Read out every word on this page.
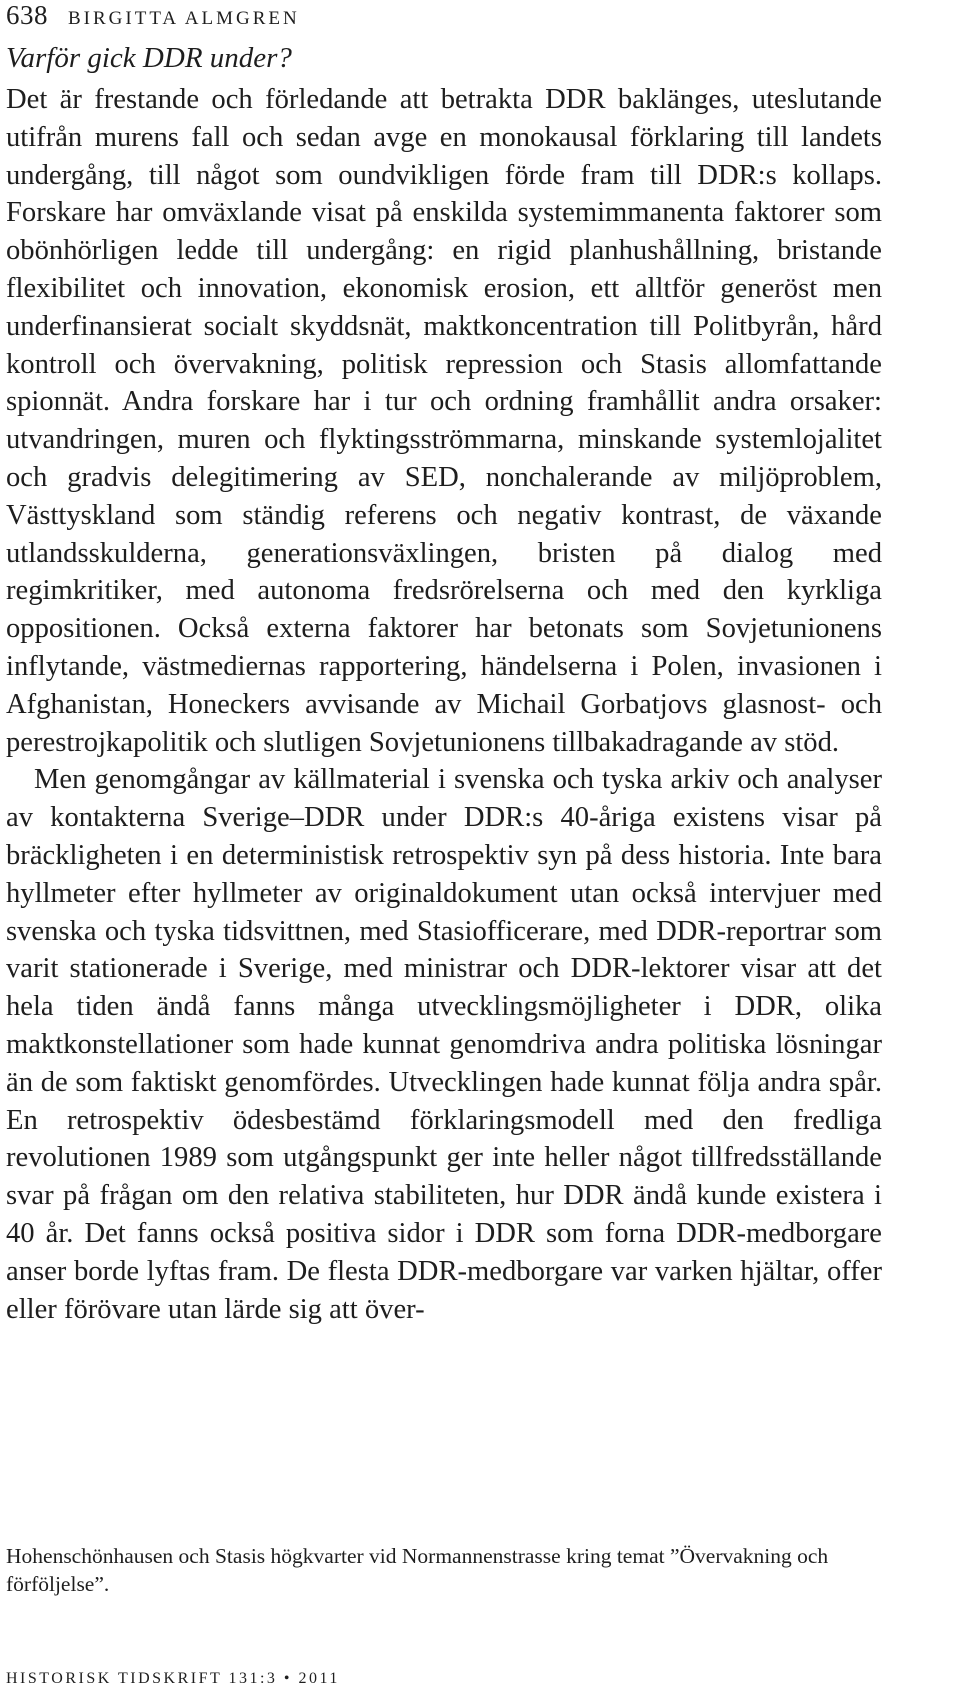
638 BIRGITTA ALMGREN
Varför gick DDR under?

Det är frestande och förledande att betrakta DDR baklänges, uteslutande utifrån murens fall och sedan avge en monokausal förklaring till landets undergång, till något som oundvikligen förde fram till DDR:s kollaps. Forskare har omväxlande visat på enskilda systemimmanenta faktorer som obönhörligen ledde till undergång: en rigid planhushållning, bristande flexibilitet och innovation, ekonomisk erosion, ett alltför generöst men underfinansierat socialt skyddsnät, maktkoncentration till Politbyrån, hård kontroll och övervakning, politisk repression och Stasis allomfattande spionnät. Andra forskare har i tur och ordning framhållit andra orsaker: utvandringen, muren och flyktingsströmmarna, minskande systemlojalitet och gradvis delegitimering av SED, nonchalerande av miljöproblem, Västtyskland som ständig referens och negativ kontrast, de växande utlandsskulderna, generationsväxlingen, bristen på dialog med regimkritiker, med autonoma fredsrörelserna och med den kyrkliga oppositionen. Också externa faktorer har betonats som Sovjetunionens inflytande, västmediernas rapportering, händelserna i Polen, invasionen i Afghanistan, Honeckers avvisande av Michail Gorbatjovs glasnost- och perestrojkapolitik och slutligen Sovjetunionens tillbakadragande av stöd.

Men genomgångar av källmaterial i svenska och tyska arkiv och analyser av kontakterna Sverige–DDR under DDR:s 40-åriga existens visar på bräckligheten i en deterministisk retrospektiv syn på dess historia. Inte bara hyllmeter efter hyllmeter av originaldokument utan också intervjuer med svenska och tyska tidsvittnen, med Stasiofficerare, med DDR-reportrar som varit stationerade i Sverige, med ministrar och DDR-lektorer visar att det hela tiden ändå fanns många utvecklingsmöjligheter i DDR, olika maktkonstellationer som hade kunnat genomdriva andra politiska lösningar än de som faktiskt genomfördes. Utvecklingen hade kunnat följa andra spår. En retrospektiv ödesbestämd förklaringsmodell med den fredliga revolutionen 1989 som utgångspunkt ger inte heller något tillfredsställande svar på frågan om den relativa stabiliteten, hur DDR ändå kunde existera i 40 år. Det fanns också positiva sidor i DDR som forna DDR-medborgare anser borde lyftas fram. De flesta DDR-medborgare var varken hjältar, offer eller förövare utan lärde sig att över-

Hohenschönhausen och Stasis högkvarter vid Normannenstrasse kring temat ”Övervakning och förföljelse”.

HISTORISK TIDSKRIFT 131:3 • 2011
